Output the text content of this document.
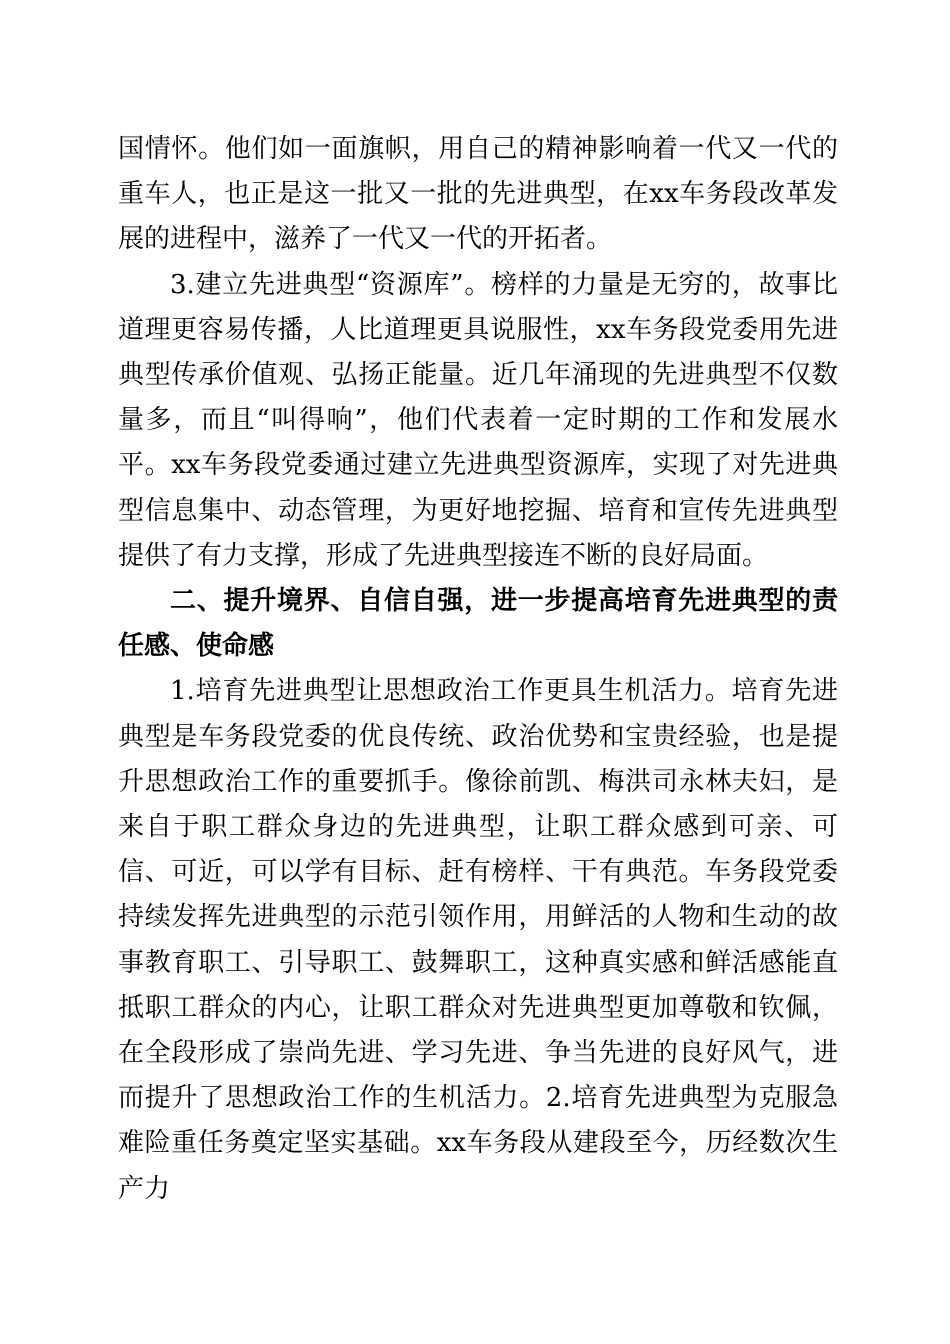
国情怀。他们如一面旗帜，用自己的精神影响着一代又一代的重车人，也正是这一批又一批的先进典型，在xx车务段改革发展的进程中，滋养了一代又一代的开拓者。

3.建立先进典型“资源库”。榜样的力量是无穷的，故事比道理更容易传播，人比道理更具说服性，xx车务段党委用先进典型传承价值观、弘扬正能量。近几年涌现的先进典型不仅数量多，而且“叫得响”，他们代表着一定时期的工作和发展水平。xx车务段党委通过建立先进典型资源库，实现了对先进典型信息集中、动态管理，为更好地挖掘、培育和宣传先进典型提供了有力支撑，形成了先进典型接连不断的良好局面。

二、提升境界、自信自强，进一步提高培育先进典型的责任感、使命感

1.培育先进典型让思想政治工作更具生机活力。培育先进典型是车务段党委的优良传统、政治优势和宝贵经验，也是提升思想政治工作的重要抓手。像徐前凯、梅洪司永林夫妇，是来自于职工群众身边的先进典型，让职工群众感到可亲、可信、可近，可以学有目标、赶有榜样、干有典范。车务段党委持续发挥先进典型的示范引领作用，用鲜活的人物和生动的故事教育职工、引导职工、鼓舞职工，这种真实感和鲜活感能直抵职工群众的内心，让职工群众对先进典型更加尊敬和钦佩，在全段形成了崇尚先进、学习先进、争当先进的良好风气，进而提升了思想政治工作的生机活力。2.培育先进典型为克服急难险重任务奠定坚实基础。xx车务段从建段至今，历经数次生产力
